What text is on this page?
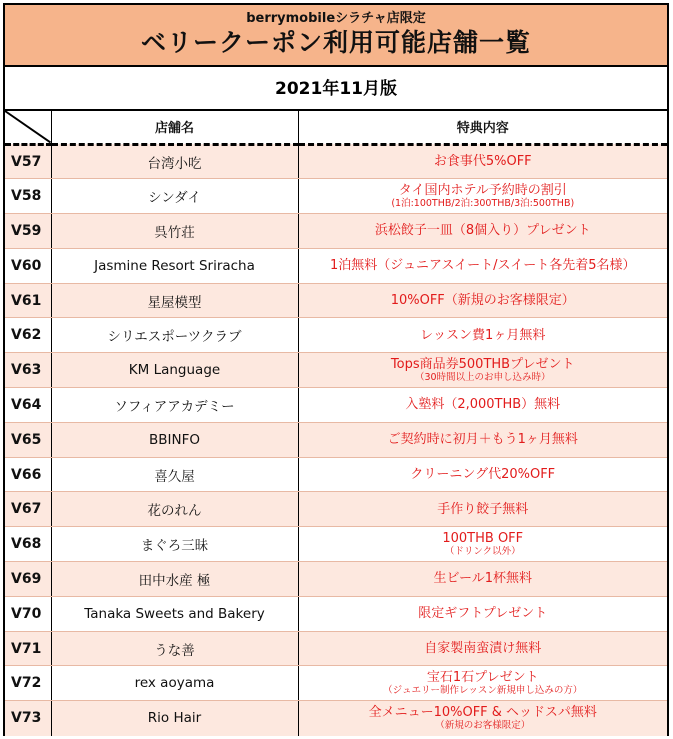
berrymobileシラチャ店限定
ベリークーポン利用可能店舗一覧
2021年11月版
	店舗名	特典内容
V57	台湾小吃	お食事代5%OFF

V58	シンダイ	タイ国内ホテル予約時の割引
(1泊:100THB/2泊:300THB/3泊:500THB)

V59	呉竹荘	浜松餃子一皿（8個入り）プレゼント

V60	Jasmine Resort Sriracha	1泊無料（ジュニアスイート/スイート各先着5名様）

V61	星屋模型	10%OFF（新規のお客様限定）

V62	シリエスポーツクラブ	レッスン費1ヶ月無料

V63	KM Language	Tops商品券500THBプレゼント
（30時間以上のお申し込み時）

V64	ソフィアアカデミー	入塾料（2,000THB）無料

V65	BBINFO	ご契約時に初月＋もう1ヶ月無料

V66	喜久屋	クリーニング代20%OFF

V67	花のれん	手作り餃子無料

V68	まぐろ三昧	100THB OFF
（ドリンク以外）

V69	田中水産 極	生ビール1杯無料

V70	Tanaka Sweets and Bakery	限定ギフトプレゼント

V71	うな善	自家製南蛮漬け無料

V72	rex aoyama	宝石1石プレゼント
（ジュエリー制作レッスン新規申し込みの方）

V73	Rio Hair	全メニュー10%OFF & ヘッドスパ無料
（新規のお客様限定）
